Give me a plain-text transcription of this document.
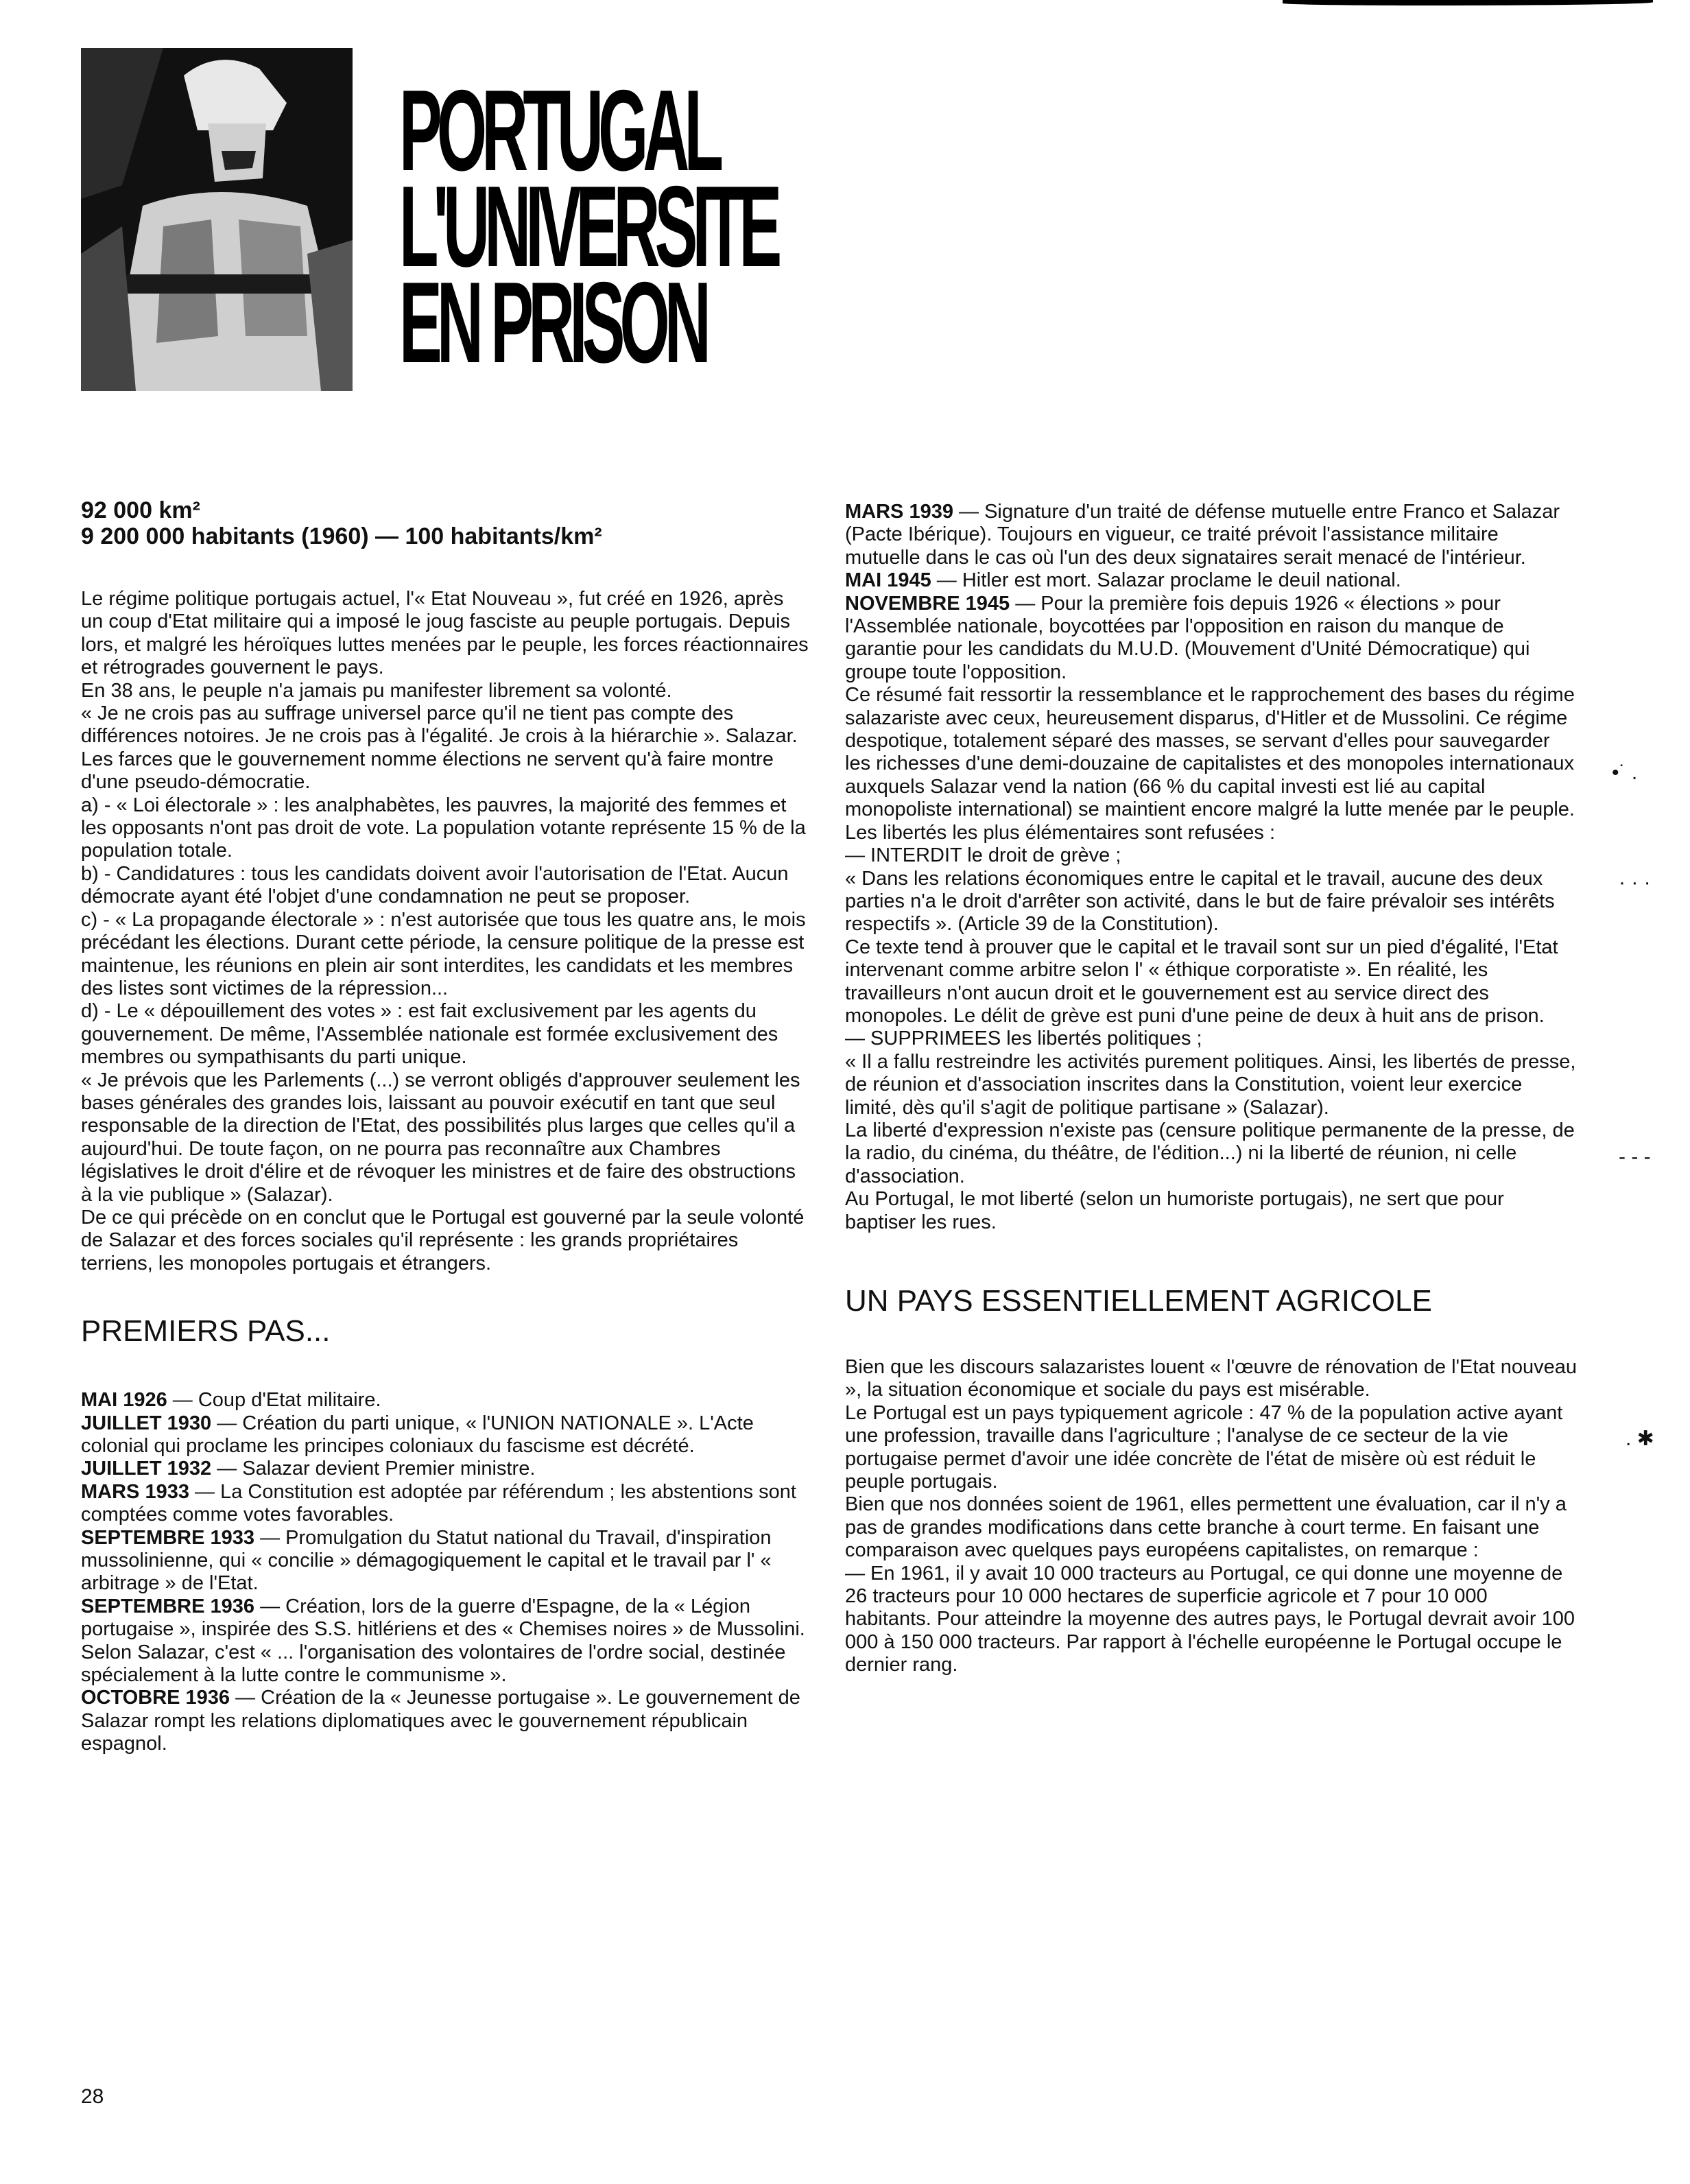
PORTUGAL
L'UNIVERSITE
EN PRISON

92 000 km²
9 200 000 habitants (1960) — 100 habitants/km²

Le régime politique portugais actuel, l'« Etat Nouveau », fut créé en 1926, après un coup d'Etat militaire qui a imposé le joug fasciste au peuple portugais. Depuis lors, et malgré les héroïques luttes menées par le peuple, les forces réactionnaires et rétrogrades gouvernent le pays.

En 38 ans, le peuple n'a jamais pu manifester librement sa volonté.

« Je ne crois pas au suffrage universel parce qu'il ne tient pas compte des différences notoires. Je ne crois pas à l'égalité. Je crois à la hiérarchie ». Salazar.

Les farces que le gouvernement nomme élections ne servent qu'à faire montre d'une pseudo-démocratie.

a) - « Loi électorale » : les analphabètes, les pauvres, la majorité des femmes et les opposants n'ont pas droit de vote. La population votante représente 15 % de la population totale.

b) - Candidatures : tous les candidats doivent avoir l'autorisation de l'Etat. Aucun démocrate ayant été l'objet d'une condamnation ne peut se proposer.

c) - « La propagande électorale » : n'est autorisée que tous les quatre ans, le mois précédant les élections. Durant cette période, la censure politique de la presse est maintenue, les réunions en plein air sont interdites, les candidats et les membres des listes sont victimes de la répression...

d) - Le « dépouillement des votes » : est fait exclusivement par les agents du gouvernement. De même, l'Assemblée nationale est formée exclusivement des membres ou sympathisants du parti unique.

« Je prévois que les Parlements (...) se verront obligés d'approuver seulement les bases générales des grandes lois, laissant au pouvoir exécutif en tant que seul responsable de la direction de l'Etat, des possibilités plus larges que celles qu'il a aujourd'hui. De toute façon, on ne pourra pas reconnaître aux Chambres législatives le droit d'élire et de révoquer les ministres et de faire des obstructions à la vie publique » (Salazar).

De ce qui précède on en conclut que le Portugal est gouverné par la seule volonté de Salazar et des forces sociales qu'il représente : les grands propriétaires terriens, les monopoles portugais et étrangers.

PREMIERS PAS...

MAI 1926 — Coup d'Etat militaire.

JUILLET 1930 — Création du parti unique, « l'UNION NATIONALE ». L'Acte colonial qui proclame les principes coloniaux du fascisme est décrété.

JUILLET 1932 — Salazar devient Premier ministre.

MARS 1933 — La Constitution est adoptée par référendum ; les abstentions sont comptées comme votes favorables.

SEPTEMBRE 1933 — Promulgation du Statut national du Travail, d'inspiration mussolinienne, qui « concilie » démagogiquement le capital et le travail par l' « arbitrage » de l'Etat.

SEPTEMBRE 1936 — Création, lors de la guerre d'Espagne, de la « Légion portugaise », inspirée des S.S. hitlériens et des « Chemises noires » de Mussolini. Selon Salazar, c'est « ... l'organisation des volontaires de l'ordre social, destinée spécialement à la lutte contre le communisme ».

OCTOBRE 1936 — Création de la « Jeunesse portugaise ». Le gouvernement de Salazar rompt les relations diplomatiques avec le gouvernement républicain espagnol.

MARS 1939 — Signature d'un traité de défense mutuelle entre Franco et Salazar (Pacte Ibérique). Toujours en vigueur, ce traité prévoit l'assistance militaire mutuelle dans le cas où l'un des deux signataires serait menacé de l'intérieur.

MAI 1945 — Hitler est mort. Salazar proclame le deuil national.

NOVEMBRE 1945 — Pour la première fois depuis 1926 « élections » pour l'Assemblée nationale, boycottées par l'opposition en raison du manque de garantie pour les candidats du M.U.D. (Mouvement d'Unité Démocratique) qui groupe toute l'opposition.

Ce résumé fait ressortir la ressemblance et le rapprochement des bases du régime salazariste avec ceux, heureusement disparus, d'Hitler et de Mussolini. Ce régime despotique, totalement séparé des masses, se servant d'elles pour sauvegarder les richesses d'une demi-douzaine de capitalistes et des monopoles internationaux auxquels Salazar vend la nation (66 % du capital investi est lié au capital monopoliste international) se maintient encore malgré la lutte menée par le peuple.

Les libertés les plus élémentaires sont refusées :

— INTERDIT le droit de grève ;

« Dans les relations économiques entre le capital et le travail, aucune des deux parties n'a le droit d'arrêter son activité, dans le but de faire prévaloir ses intérêts respectifs ». (Article 39 de la Constitution).

Ce texte tend à prouver que le capital et le travail sont sur un pied d'égalité, l'Etat intervenant comme arbitre selon l' « éthique corporatiste ». En réalité, les travailleurs n'ont aucun droit et le gouvernement est au service direct des monopoles. Le délit de grève est puni d'une peine de deux à huit ans de prison.

— SUPPRIMEES les libertés politiques ;

« Il a fallu restreindre les activités purement politiques. Ainsi, les libertés de presse, de réunion et d'association inscrites dans la Constitution, voient leur exercice limité, dès qu'il s'agit de politique partisane » (Salazar).

La liberté d'expression n'existe pas (censure politique permanente de la presse, de la radio, du cinéma, du théâtre, de l'édition...) ni la liberté de réunion, ni celle d'association.

Au Portugal, le mot liberté (selon un humoriste portugais), ne sert que pour baptiser les rues.

UN PAYS ESSENTIELLEMENT AGRICOLE

Bien que les discours salazaristes louent « l'œuvre de rénovation de l'Etat nouveau », la situation économique et sociale du pays est misérable.

Le Portugal est un pays typiquement agricole : 47 % de la population active ayant une profession, travaille dans l'agriculture ; l'analyse de ce secteur de la vie portugaise permet d'avoir une idée concrète de l'état de misère où est réduit le peuple portugais.

Bien que nos données soient de 1961, elles permettent une évaluation, car il n'y a pas de grandes modifications dans cette branche à court terme. En faisant une comparaison avec quelques pays européens capitalistes, on remarque :

— En 1961, il y avait 10 000 tracteurs au Portugal, ce qui donne une moyenne de 26 tracteurs pour 10 000 hectares de superficie agricole et 7 pour 10 000 habitants. Pour atteindre la moyenne des autres pays, le Portugal devrait avoir 100 000 à 150 000 tracteurs. Par rapport à l'échelle européenne le Portugal occupe le dernier rang.

28
•˙ .
· · ·
- - -
. ✱
